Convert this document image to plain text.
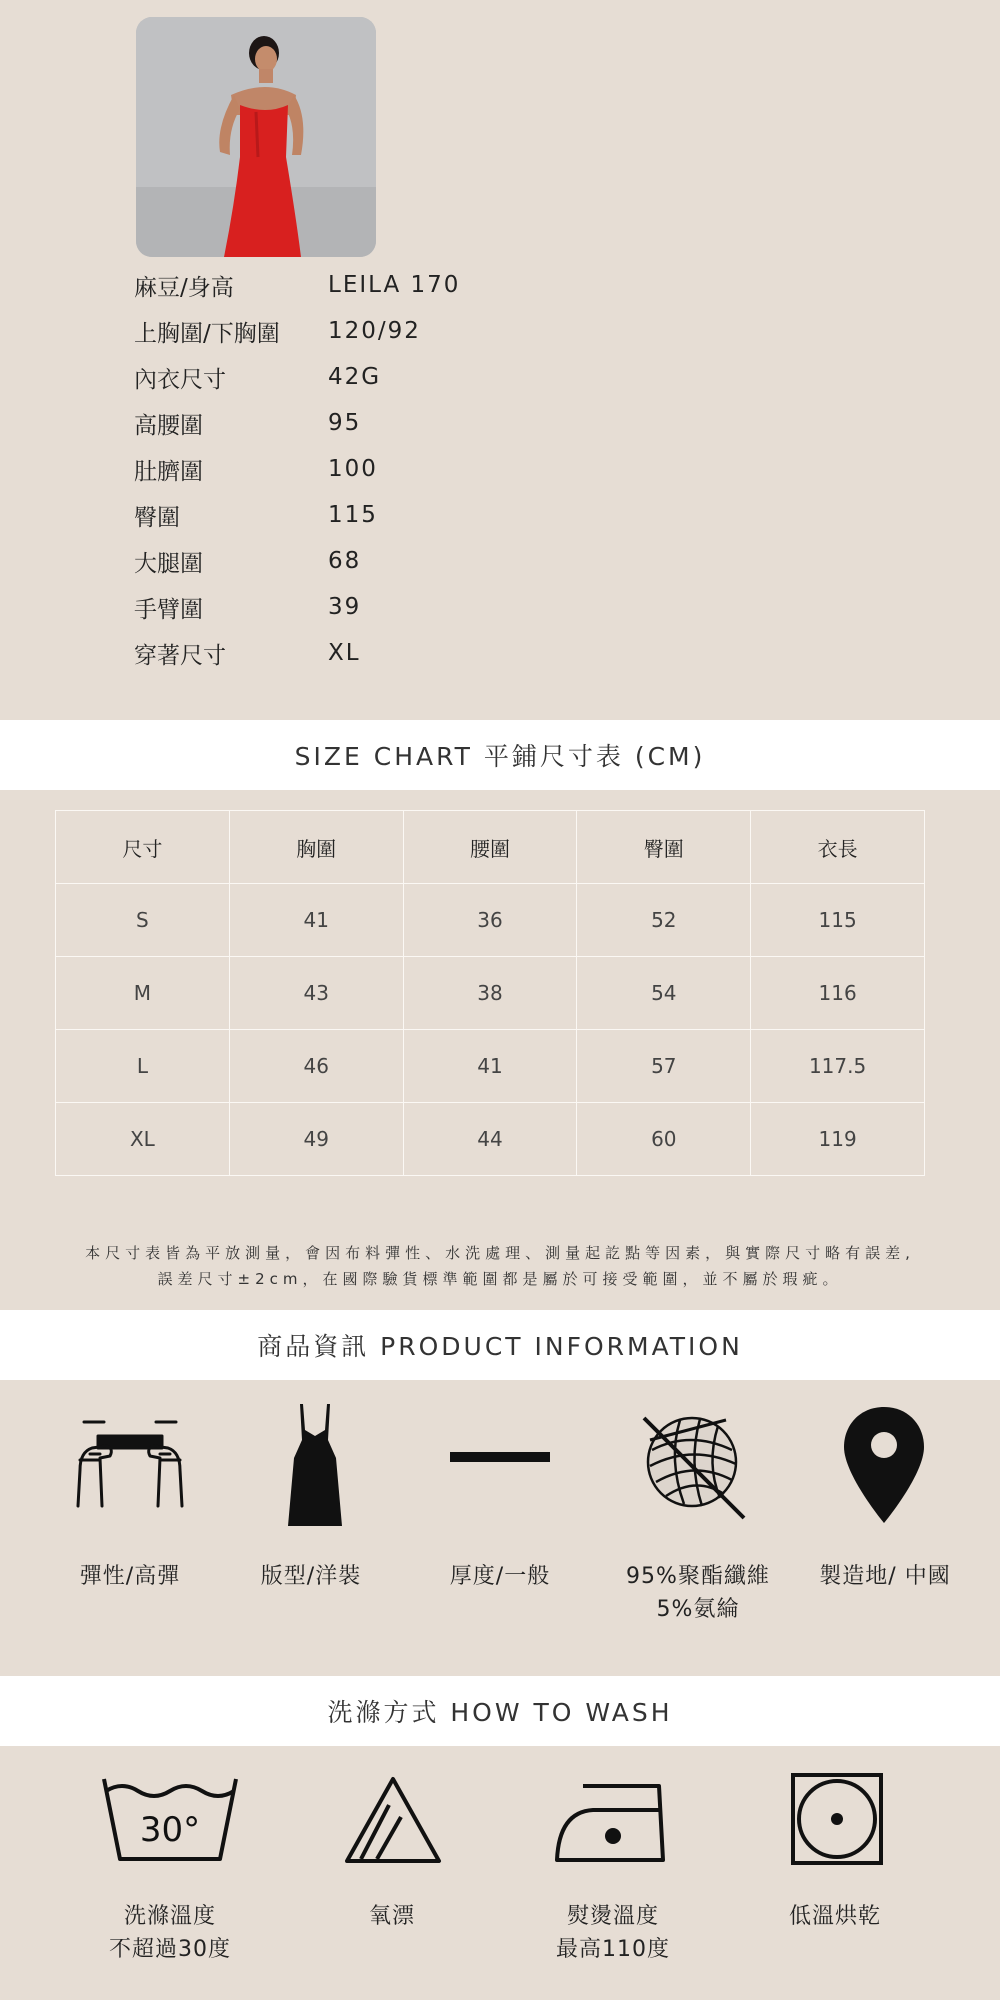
麻豆/身高	LEILA 170
上胸圍/下胸圍	120/92
內衣尺寸	42G
高腰圍	95
肚臍圍	100
臀圍	115
大腿圍	68
手臂圍	39
穿著尺寸	XL
SIZE CHART 平鋪尺寸表 (CM)
尺寸	胸圍	腰圍	臀圍	衣長
S	41	36	52	115
M	43	38	54	116
L	46	41	57	117.5
XL	49	44	60	119
本尺寸表皆為平放測量，會因布料彈性、水洗處理、測量起訖點等因素，與實際尺寸略有誤差,
誤差尺寸±2cm，在國際驗貨標準範圍都是屬於可接受範圍，並不屬於瑕疵。
商品資訊 PRODUCT INFORMATION
彈性/高彈	版型/洋裝	厚度/一般	95%聚酯纖維
5%氨綸
製造地/ 中國
洗滌方式 HOW TO WASH
30°
洗滌溫度
不超過30度
氧漂	熨燙溫度
最高110度
低溫烘乾
